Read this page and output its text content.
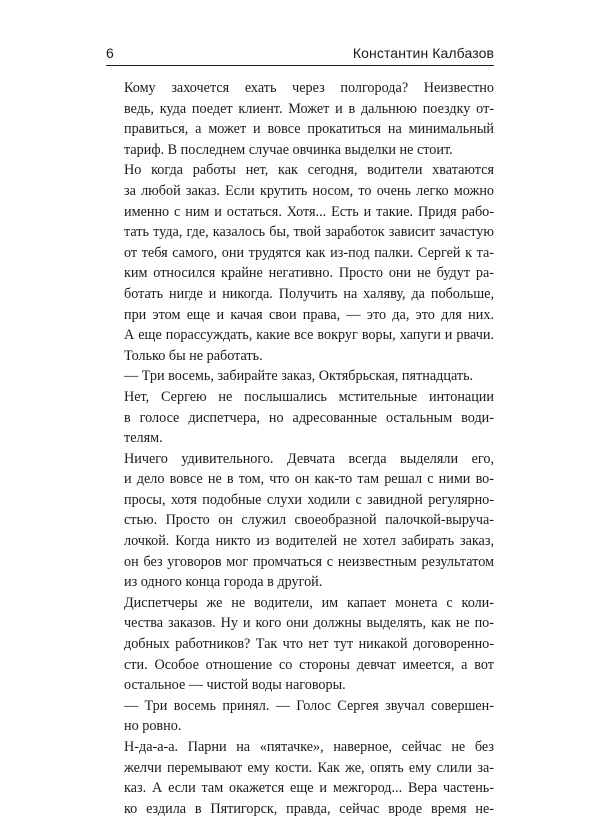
6	Константин Калбазов

Кому захочется ехать через полгорода? Неизвестно
ведь, куда поедет клиент. Может и в дальнюю поездку от-
правиться, а может и вовсе прокатиться на минимальный
тариф. В последнем случае овчинка выделки не стоит.

Но когда работы нет, как сегодня, водители хватаются
за любой заказ. Если крутить носом, то очень легко можно
именно с ним и остаться. Хотя... Есть и такие. Придя рабо-
тать туда, где, казалось бы, твой заработок зависит зачастую
от тебя самого, они трудятся как из-под палки. Сергей к та-
ким относился крайне негативно. Просто они не будут ра-
ботать нигде и никогда. Получить на халяву, да побольше,
при этом еще и качая свои права, — это да, это для них.
А еще порассуждать, какие все вокруг воры, хапуги и рвачи.
Только бы не работать.

— Три восемь, забирайте заказ, Октябрьская, пятнадцать.

Нет, Сергею не послышались мстительные интонации
в голосе диспетчера, но адресованные остальным води-
телям.

Ничего удивительного. Девчата всегда выделяли его,
и дело вовсе не в том, что он как-то там решал с ними во-
просы, хотя подобные слухи ходили с завидной регулярно-
стью. Просто он служил своеобразной палочкой-выруча-
лочкой. Когда никто из водителей не хотел забирать заказ,
он без уговоров мог промчаться с неизвестным результатом
из одного конца города в другой.

Диспетчеры же не водители, им капает монета с коли-
чества заказов. Ну и кого они должны выделять, как не по-
добных работников? Так что нет тут никакой договоренно-
сти. Особое отношение со стороны девчат имеется, а вот
остальное — чистой воды наговоры.

— Три восемь принял. — Голос Сергея звучал совершен-
но ровно.

Н-да-а-а. Парни на «пятачке», наверное, сейчас не без
желчи перемывают ему кости. Как же, опять ему слили за-
каз. А если там окажется еще и межгород... Вера частень-
ко ездила в Пятигорск, правда, сейчас вроде время не-
